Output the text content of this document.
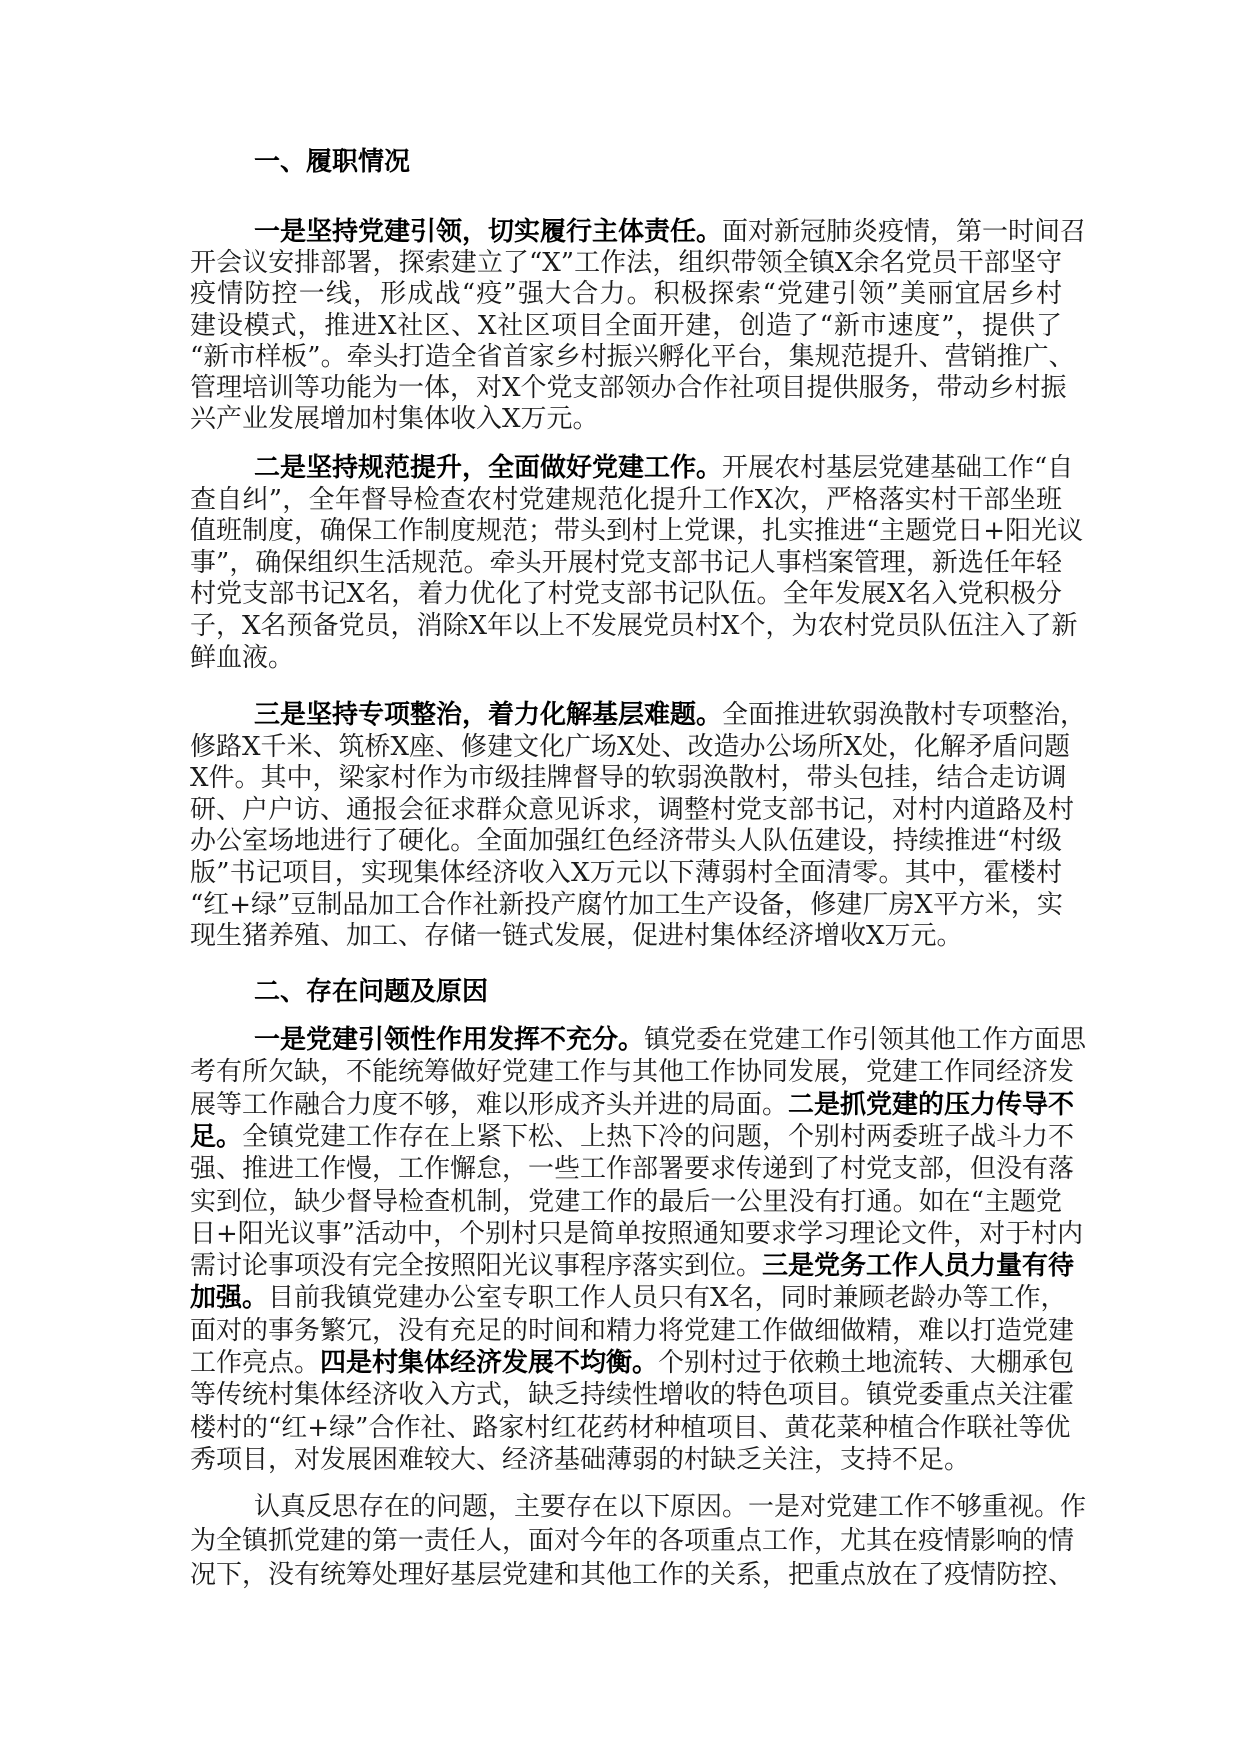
一、履职情况
一是坚持党建引领，切实履行主体责任。面对新冠肺炎疫情，第一时间召
开会议安排部署，探索建立了“X”工作法，组织带领全镇X余名党员干部坚守
疫情防控一线，形成战“疫”强大合力。积极探索“党建引领”美丽宜居乡村
建设模式，推进X社区、X社区项目全面开建，创造了“新市速度”，提供了
“新市样板”。牵头打造全省首家乡村振兴孵化平台，集规范提升、营销推广、
管理培训等功能为一体，对X个党支部领办合作社项目提供服务，带动乡村振
兴产业发展增加村集体收入X万元。
二是坚持规范提升，全面做好党建工作。开展农村基层党建基础工作“自
查自纠”，全年督导检查农村党建规范化提升工作X次，严格落实村干部坐班
值班制度，确保工作制度规范；带头到村上党课，扎实推进“主题党日+阳光议
事”，确保组织生活规范。牵头开展村党支部书记人事档案管理，新选任年轻
村党支部书记X名，着力优化了村党支部书记队伍。全年发展X名入党积极分
子，X名预备党员，消除X年以上不发展党员村X个，为农村党员队伍注入了新
鲜血液。
三是坚持专项整治，着力化解基层难题。全面推进软弱涣散村专项整治，
修路X千米、筑桥X座、修建文化广场X处、改造办公场所X处，化解矛盾问题
X件。其中，梁家村作为市级挂牌督导的软弱涣散村，带头包挂，结合走访调
研、户户访、通报会征求群众意见诉求，调整村党支部书记，对村内道路及村
办公室场地进行了硬化。全面加强红色经济带头人队伍建设，持续推进“村级
版”书记项目，实现集体经济收入X万元以下薄弱村全面清零。其中，霍楼村
“红+绿”豆制品加工合作社新投产腐竹加工生产设备，修建厂房X平方米，实
现生猪养殖、加工、存储一链式发展，促进村集体经济增收X万元。
二、存在问题及原因
一是党建引领性作用发挥不充分。镇党委在党建工作引领其他工作方面思
考有所欠缺，不能统筹做好党建工作与其他工作协同发展，党建工作同经济发
展等工作融合力度不够，难以形成齐头并进的局面。二是抓党建的压力传导不
足。全镇党建工作存在上紧下松、上热下冷的问题，个别村两委班子战斗力不
强、推进工作慢，工作懈怠，一些工作部署要求传递到了村党支部，但没有落
实到位，缺少督导检查机制，党建工作的最后一公里没有打通。如在“主题党
日+阳光议事”活动中，个别村只是简单按照通知要求学习理论文件，对于村内
需讨论事项没有完全按照阳光议事程序落实到位。三是党务工作人员力量有待
加强。目前我镇党建办公室专职工作人员只有X名，同时兼顾老龄办等工作，
面对的事务繁冗，没有充足的时间和精力将党建工作做细做精，难以打造党建
工作亮点。四是村集体经济发展不均衡。个别村过于依赖土地流转、大棚承包
等传统村集体经济收入方式，缺乏持续性增收的特色项目。镇党委重点关注霍
楼村的“红+绿”合作社、路家村红花药材种植项目、黄花菜种植合作联社等优
秀项目，对发展困难较大、经济基础薄弱的村缺乏关注，支持不足。
认真反思存在的问题，主要存在以下原因。一是对党建工作不够重视。作
为全镇抓党建的第一责任人，面对今年的各项重点工作，尤其在疫情影响的情
况下，没有统筹处理好基层党建和其他工作的关系，把重点放在了疫情防控、
